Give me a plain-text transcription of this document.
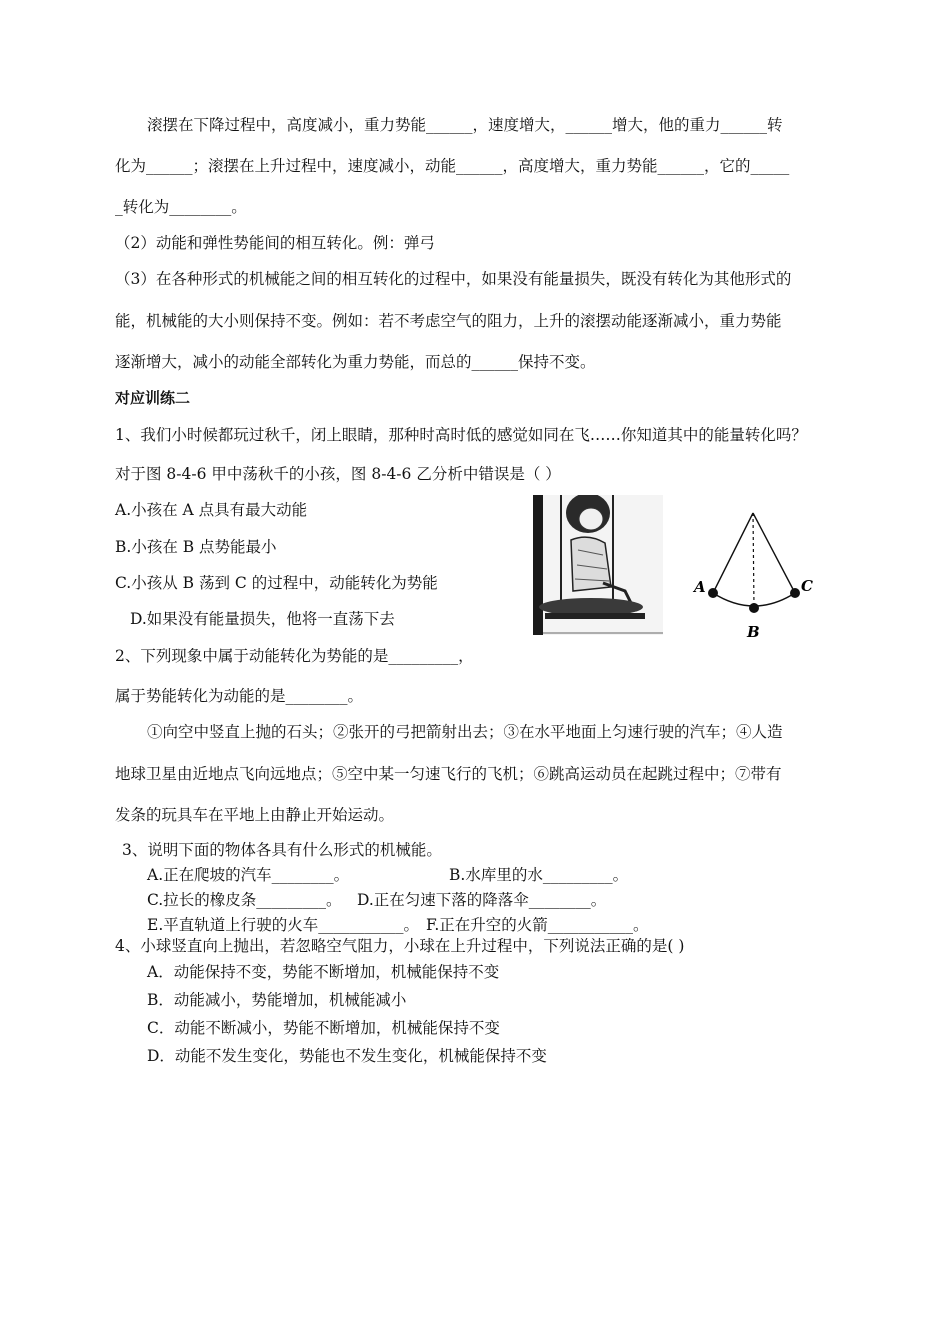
滚摆在下降过程中，高度减小，重力势能______，速度增大，______增大，他的重力______转
化为______；滚摆在上升过程中，速度减小，动能______，高度增大，重力势能______，它的_____
_转化为________。
（2）动能和弹性势能间的相互转化。例：弹弓
（3）在各种形式的机械能之间的相互转化的过程中，如果没有能量损失，既没有转化为其他形式的
能，机械能的大小则保持不变。例如：若不考虑空气的阻力，上升的滚摆动能逐渐减小，重力势能
逐渐增大，减小的动能全部转化为重力势能，而总的______保持不变。
对应训练二
1、我们小时候都玩过秋千，闭上眼睛，那种时高时低的感觉如同在飞……你知道其中的能量转化吗？
对于图 8-4-6 甲中荡秋千的小孩，图 8-4-6 乙分析中错误是（ ）
A.小孩在 A 点具有最大动能
B.小孩在 B 点势能最小
C.小孩从 B 荡到 C 的过程中，动能转化为势能
D.如果没有能量损失，他将一直荡下去
A
B
C
2、下列现象中属于动能转化为势能的是_________，
属于势能转化为动能的是________。
①向空中竖直上抛的石头；②张开的弓把箭射出去；③在水平地面上匀速行驶的汽车；④人造
地球卫星由近地点飞向远地点；⑤空中某一匀速飞行的飞机；⑥跳高运动员在起跳过程中；⑦带有
发条的玩具车在平地上由静止开始运动。
3、说明下面的物体各具有什么形式的机械能。
A.正在爬坡的汽车________。	B.水库里的水_________。
C.拉长的橡皮条_________。 D.正在匀速下落的降落伞________。
E.平直轨道上行驶的火车___________。 F.正在升空的火箭___________。
4、小球竖直向上抛出，若忽略空气阻力，小球在上升过程中，下列说法正确的是( )
A．动能保持不变，势能不断增加，机械能保持不变
B．动能减小，势能增加，机械能减小
C．动能不断减小，势能不断增加，机械能保持不变
D．动能不发生变化，势能也不发生变化，机械能保持不变
